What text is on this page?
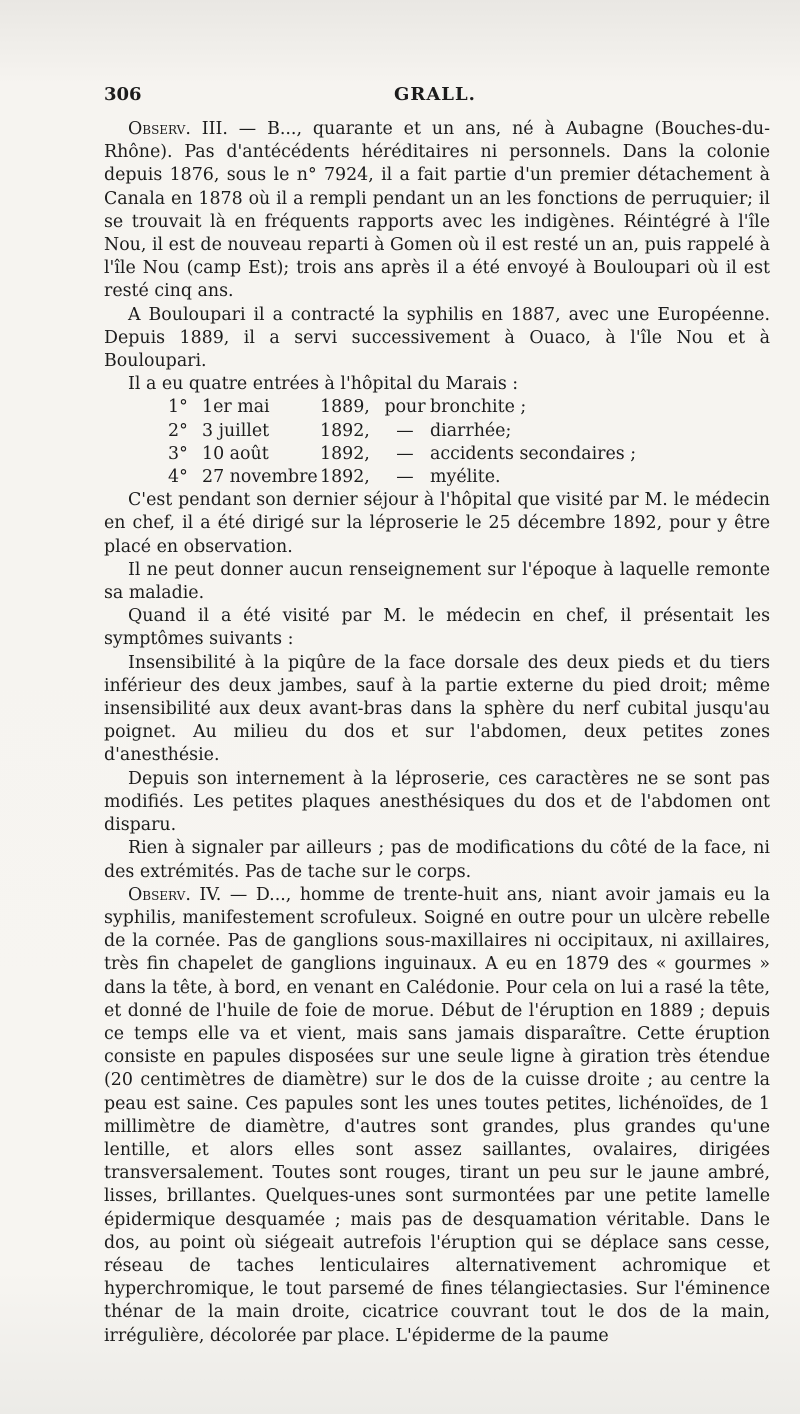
306	GRALL.

Observ. III. — B..., quarante et un ans, né à Aubagne (Bouches-du-Rhône). Pas d'antécédents héréditaires ni personnels. Dans la colonie depuis 1876, sous le n° 7924, il a fait partie d'un premier détachement à Canala en 1878 où il a rempli pendant un an les fonctions de perruquier; il se trouvait là en fréquents rapports avec les indigènes. Réintégré à l'île Nou, il est de nouveau reparti à Gomen où il est resté un an, puis rappelé à l'île Nou (camp Est); trois ans après il a été envoyé à Bouloupari où il est resté cinq ans.

A Bouloupari il a contracté la syphilis en 1887, avec une Européenne. Depuis 1889, il a servi successivement à Ouaco, à l'île Nou et à Bouloupari.

Il a eu quatre entrées à l'hôpital du Marais :

1°	1er mai	1889,	pour	bronchite ;
2°	3 juillet	1892,	—	diarrhée;
3°	10 août	1892,	—	accidents secondaires ;
4°	27 novembre	1892,	—	myélite.

C'est pendant son dernier séjour à l'hôpital que visité par M. le médecin en chef, il a été dirigé sur la léproserie le 25 décembre 1892, pour y être placé en observation.

Il ne peut donner aucun renseignement sur l'époque à laquelle remonte sa maladie.

Quand il a été visité par M. le médecin en chef, il présentait les symptômes suivants :

Insensibilité à la piqûre de la face dorsale des deux pieds et du tiers inférieur des deux jambes, sauf à la partie externe du pied droit; même insensibilité aux deux avant-bras dans la sphère du nerf cubital jusqu'au poignet. Au milieu du dos et sur l'abdomen, deux petites zones d'anesthésie.

Depuis son internement à la léproserie, ces caractères ne se sont pas modifiés. Les petites plaques anesthésiques du dos et de l'abdomen ont disparu.

Rien à signaler par ailleurs ; pas de modifications du côté de la face, ni des extrémités. Pas de tache sur le corps.

Observ. IV. — D..., homme de trente-huit ans, niant avoir jamais eu la syphilis, manifestement scrofuleux. Soigné en outre pour un ulcère rebelle de la cornée. Pas de ganglions sous-maxillaires ni occipitaux, ni axillaires, très fin chapelet de ganglions inguinaux. A eu en 1879 des « gourmes » dans la tête, à bord, en venant en Calédonie. Pour cela on lui a rasé la tête, et donné de l'huile de foie de morue. Début de l'éruption en 1889 ; depuis ce temps elle va et vient, mais sans jamais disparaître. Cette éruption consiste en papules disposées sur une seule ligne à giration très étendue (20 centimètres de diamètre) sur le dos de la cuisse droite ; au centre la peau est saine. Ces papules sont les unes toutes petites, lichénoïdes, de 1 millimètre de diamètre, d'autres sont grandes, plus grandes qu'une lentille, et alors elles sont assez saillantes, ovalaires, dirigées transversalement. Toutes sont rouges, tirant un peu sur le jaune ambré, lisses, brillantes. Quelques-unes sont surmontées par une petite lamelle épidermique desquamée ; mais pas de desquamation véritable. Dans le dos, au point où siégeait autrefois l'éruption qui se déplace sans cesse, réseau de taches lenticulaires alternativement achromique et hyperchromique, le tout parsemé de fines télangiectasies. Sur l'éminence thénar de la main droite, cicatrice couvrant tout le dos de la main, irrégulière, décolorée par place. L'épiderme de la paume
